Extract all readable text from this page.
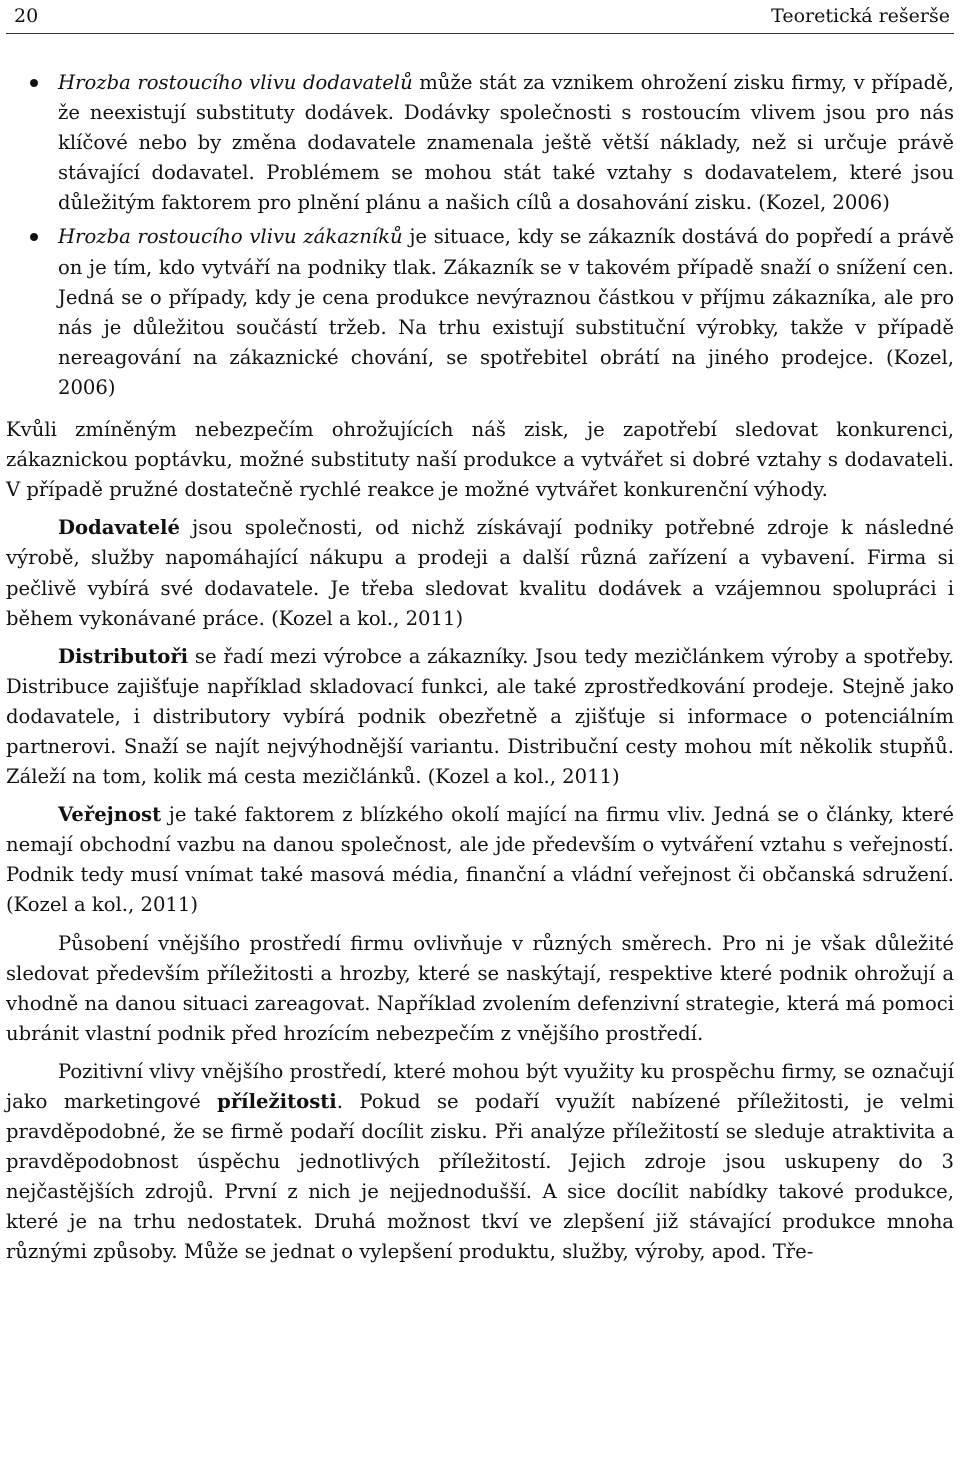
20	Teoretická rešerše
Hrozba rostoucího vlivu dodavatelů může stát za vznikem ohrožení zisku firmy, v případě, že neexistují substituty dodávek. Dodávky společnosti s rostoucím vlivem jsou pro nás klíčové nebo by změna dodavatele znamenala ještě větší náklady, než si určuje právě stávající dodavatel. Problémem se mohou stát také vztahy s dodavatelem, které jsou důležitým faktorem pro plnění plánu a našich cílů a dosahování zisku. (Kozel, 2006)
Hrozba rostoucího vlivu zákazníků je situace, kdy se zákazník dostává do popředí a právě on je tím, kdo vytváří na podniky tlak. Zákazník se v takovém případě snaží o snížení cen. Jedná se o případy, kdy je cena produkce nevýraznou částkou v příjmu zákazníka, ale pro nás je důležitou součástí tržeb. Na trhu existují substituční výrobky, takže v případě nereagování na zákaznické chování, se spotřebitel obrátí na jiného prodejce. (Kozel, 2006)

Kvůli zmíněným nebezpečím ohrožujících náš zisk, je zapotřebí sledovat konkurenci, zákaznickou poptávku, možné substituty naší produkce a vytvářet si dobré vztahy s dodavateli. V případě pružné dostatečně rychlé reakce je možné vytvářet konkurenční výhody.

Dodavatelé jsou společnosti, od nichž získávají podniky potřebné zdroje k následné výrobě, služby napomáhající nákupu a prodeji a další různá zařízení a vybavení. Firma si pečlivě vybírá své dodavatele. Je třeba sledovat kvalitu dodávek a vzájemnou spolupráci i během vykonávané práce. (Kozel a kol., 2011)

Distributoři se řadí mezi výrobce a zákazníky. Jsou tedy mezičlánkem výroby a spotřeby. Distribuce zajišťuje například skladovací funkci, ale také zprostředkování prodeje. Stejně jako dodavatele, i distributory vybírá podnik obezřetně a zjišťuje si informace o potenciálním partnerovi. Snaží se najít nejvýhodnější variantu. Distribuční cesty mohou mít několik stupňů. Záleží na tom, kolik má cesta mezičlánků. (Kozel a kol., 2011)

Veřejnost je také faktorem z blízkého okolí mající na firmu vliv. Jedná se o články, které nemají obchodní vazbu na danou společnost, ale jde především o vytváření vztahu s veřejností. Podnik tedy musí vnímat také masová média, finanční a vládní veřejnost či občanská sdružení. (Kozel a kol., 2011)

Působení vnějšího prostředí firmu ovlivňuje v různých směrech. Pro ni je však důležité sledovat především příležitosti a hrozby, které se naskýtají, respektive které podnik ohrožují a vhodně na danou situaci zareagovat. Například zvolením defenzivní strategie, která má pomoci ubránit vlastní podnik před hrozícím nebezpečím z vnějšího prostředí.

Pozitivní vlivy vnějšího prostředí, které mohou být využity ku prospěchu firmy, se označují jako marketingové příležitosti. Pokud se podaří využít nabízené příležitosti, je velmi pravděpodobné, že se firmě podaří docílit zisku. Při analýze příležitostí se sleduje atraktivita a pravděpodobnost úspěchu jednotlivých příležitostí. Jejich zdroje jsou uskupeny do 3 nejčastějších zdrojů. První z nich je nejjednodušší. A sice docílit nabídky takové produkce, které je na trhu nedostatek. Druhá možnost tkví ve zlepšení již stávající produkce mnoha různými způsoby. Může se jednat o vylepšení produktu, služby, výroby, apod. Tře-
